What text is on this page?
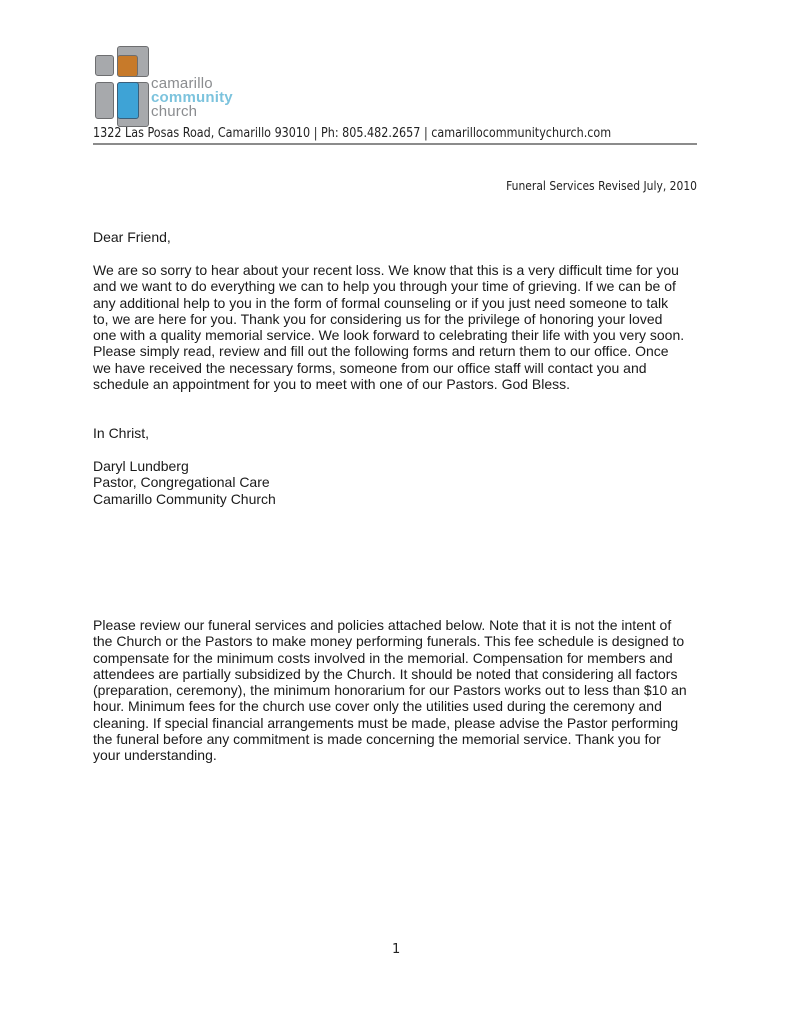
camarillo
community
church
1322 Las Posas Road, Camarillo 93010 | Ph: 805.482.2657 | camarillocommunitychurch.com
Funeral Services Revised July, 2010
Dear Friend,
We are so sorry to hear about your recent loss. We know that this is a very difficult time for you
and we want to do everything we can to help you through your time of grieving. If we can be of
any additional help to you in the form of formal counseling or if you just need someone to talk
to, we are here for you. Thank you for considering us for the privilege of honoring your loved
one with a quality memorial service. We look forward to celebrating their life with you very soon.
Please simply read, review and fill out the following forms and return them to our office. Once
we have received the necessary forms, someone from our office staff will contact you and
schedule an appointment for you to meet with one of our Pastors. God Bless.
In Christ,
Daryl Lundberg
Pastor, Congregational Care
Camarillo Community Church
Please review our funeral services and policies attached below. Note that it is not the intent of
the Church or the Pastors to make money performing funerals. This fee schedule is designed to
compensate for the minimum costs involved in the memorial. Compensation for members and
attendees are partially subsidized by the Church. It should be noted that considering all factors
(preparation, ceremony), the minimum honorarium for our Pastors works out to less than $10 an
hour. Minimum fees for the church use cover only the utilities used during the ceremony and
cleaning. If special financial arrangements must be made, please advise the Pastor performing
the funeral before any commitment is made concerning the memorial service. Thank you for
your understanding.
1
